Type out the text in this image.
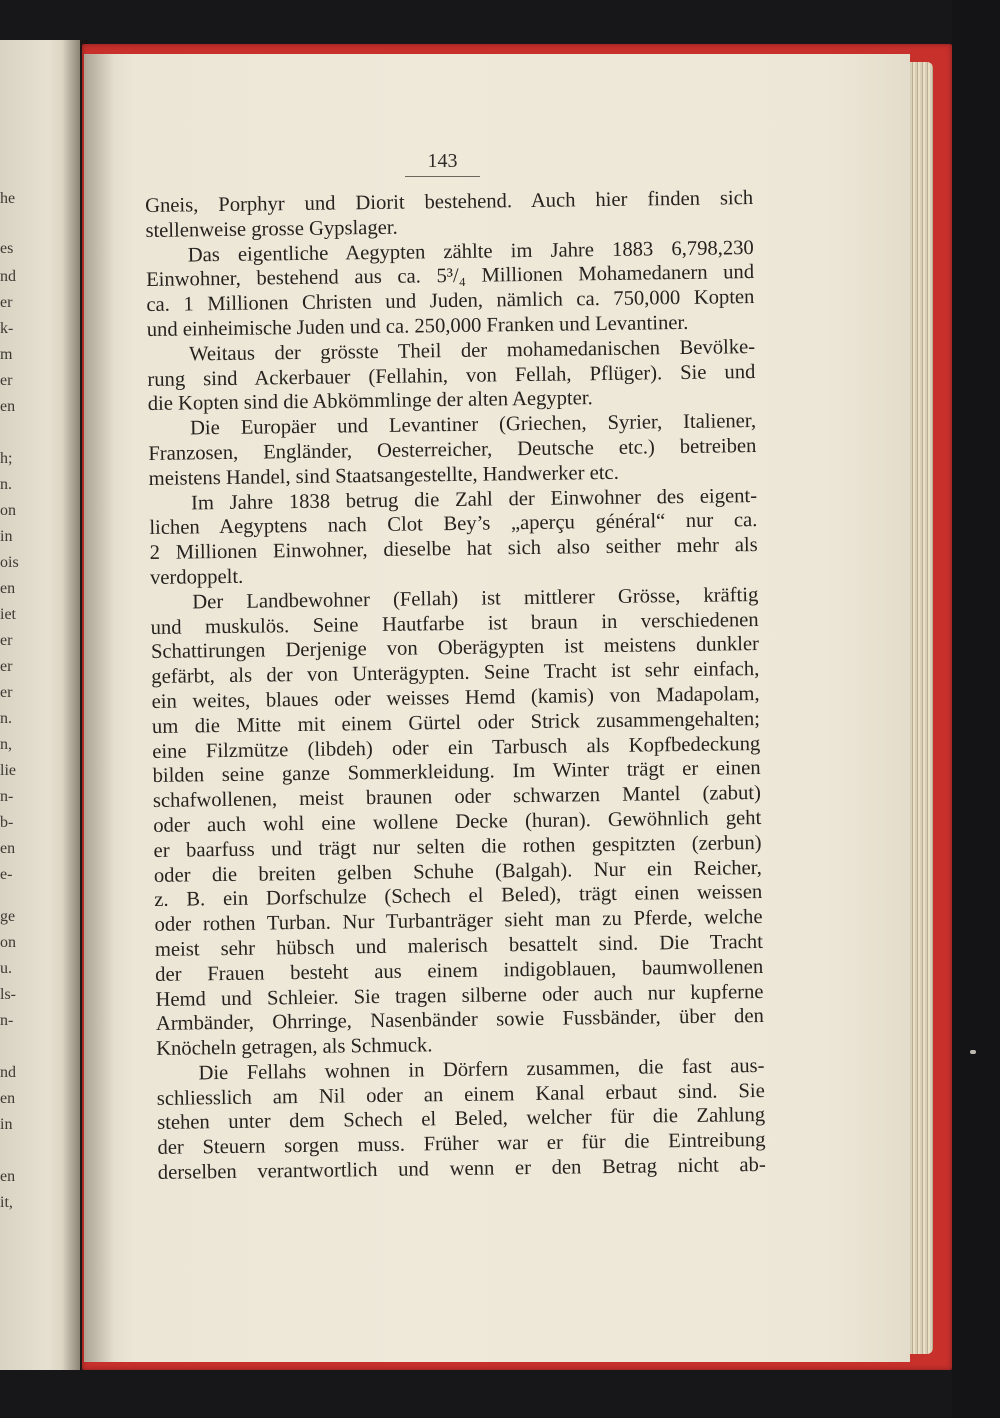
he
es
nd
er
k-
m
er
en
h;
n.
on
in
ois
en
iet
er
er
er
n.
n,
lie
n-
b-
en
e-
ge
on
u.
ls-
n-
nd
en
in
en
it,
143
Gneis, Porphyr und Diorit bestehend. Auch hier finden sich
stellenweise grosse Gypslager.
Das eigentliche Aegypten zählte im Jahre 1883 6,798,230
Einwohner, bestehend aus ca. 5³/₄ Millionen Mohamedanern und
ca. 1 Millionen Christen und Juden, nämlich ca. 750,000 Kopten
und einheimische Juden und ca. 250,000 Franken und Levantiner.
Weitaus der grösste Theil der mohamedanischen Bevölke-
rung sind Ackerbauer (Fellahin, von Fellah, Pflüger). Sie und
die Kopten sind die Abkömmlinge der alten Aegypter.
Die Europäer und Levantiner (Griechen, Syrier, Italiener,
Franzosen, Engländer, Oesterreicher, Deutsche etc.) betreiben
meistens Handel, sind Staatsangestellte, Handwerker etc.
Im Jahre 1838 betrug die Zahl der Einwohner des eigent-
lichen Aegyptens nach Clot Bey’s „aperçu général“ nur ca.
2 Millionen Einwohner, dieselbe hat sich also seither mehr als
verdoppelt.
Der Landbewohner (Fellah) ist mittlerer Grösse, kräftig
und muskulös. Seine Hautfarbe ist braun in verschiedenen
Schattirungen Derjenige von Oberägypten ist meistens dunkler
gefärbt, als der von Unterägypten. Seine Tracht ist sehr einfach,
ein weites, blaues oder weisses Hemd (kamis) von Madapolam,
um die Mitte mit einem Gürtel oder Strick zusammengehalten;
eine Filzmütze (libdeh) oder ein Tarbusch als Kopfbedeckung
bilden seine ganze Sommerkleidung. Im Winter trägt er einen
schafwollenen, meist braunen oder schwarzen Mantel (zabut)
oder auch wohl eine wollene Decke (huran). Gewöhnlich geht
er baarfuss und trägt nur selten die rothen gespitzten (zerbun)
oder die breiten gelben Schuhe (Balgah). Nur ein Reicher,
z. B. ein Dorfschulze (Schech el Beled), trägt einen weissen
oder rothen Turban. Nur Turbanträger sieht man zu Pferde, welche
meist sehr hübsch und malerisch besattelt sind. Die Tracht
der Frauen besteht aus einem indigoblauen, baumwollenen
Hemd und Schleier. Sie tragen silberne oder auch nur kupferne
Armbänder, Ohrringe, Nasenbänder sowie Fussbänder, über den
Knöcheln getragen, als Schmuck.
Die Fellahs wohnen in Dörfern zusammen, die fast aus-
schliesslich am Nil oder an einem Kanal erbaut sind. Sie
stehen unter dem Schech el Beled, welcher für die Zahlung
der Steuern sorgen muss. Früher war er für die Eintreibung
derselben verantwortlich und wenn er den Betrag nicht ab-
